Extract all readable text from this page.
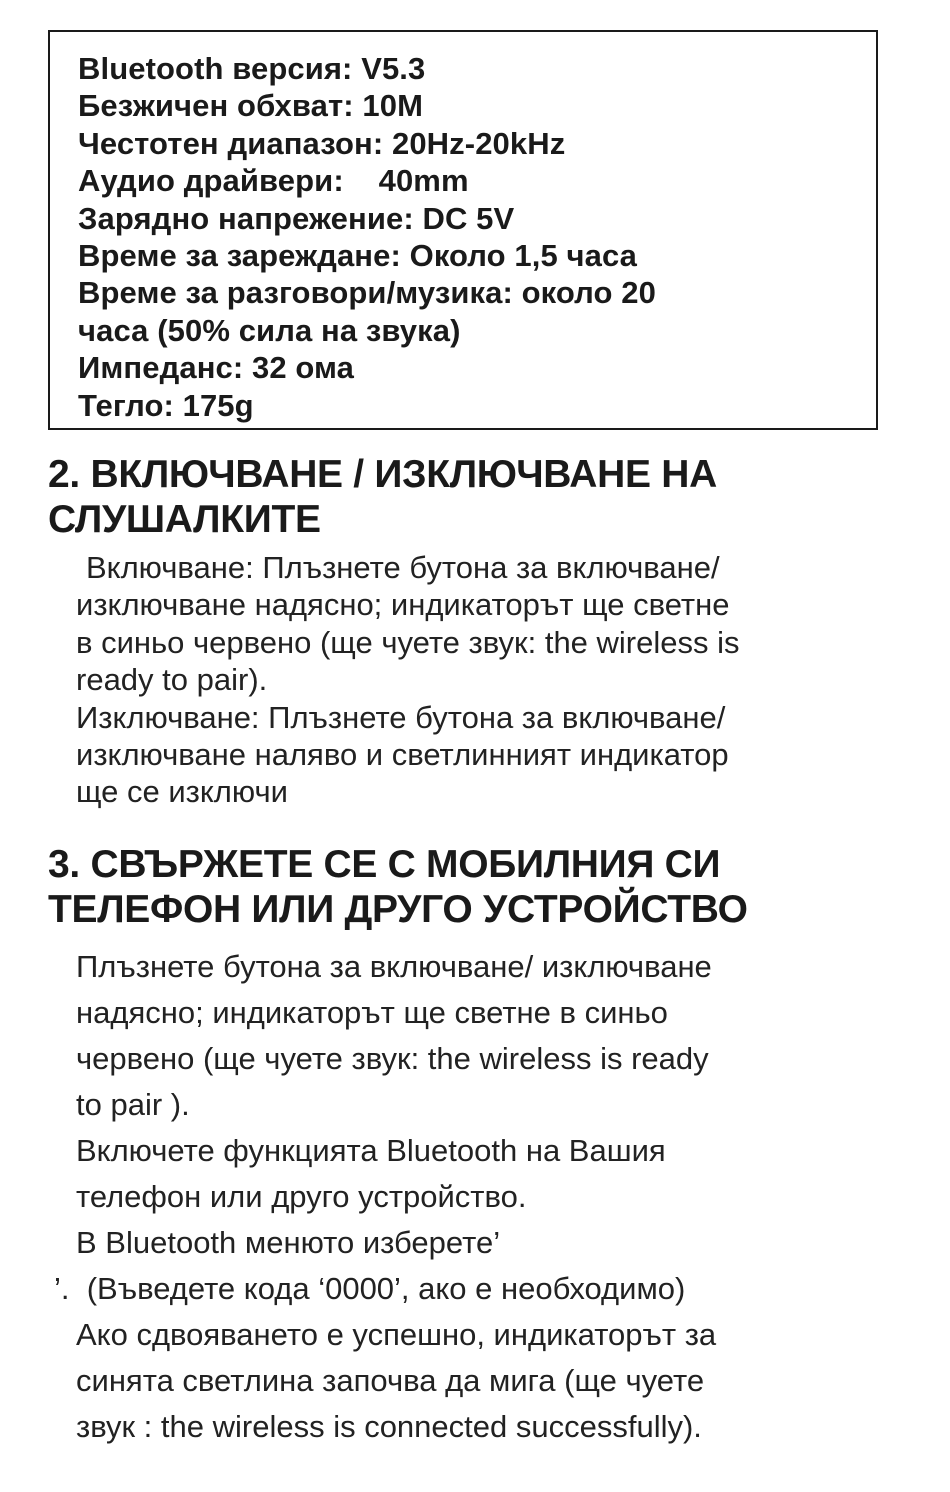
Bluetooth версия: V5.3
Безжичен обхват: 10M
Честотен диапазон: 20Hz-20kHz
Аудио драйвери:    40mm
Зарядно напрежение: DC 5V
Време за зареждане: Около 1,5 часа
Време за разговори/музика: около 20
часа (50% сила на звука)
Импеданс: 32 ома
Тегло: 175g
2. ВКЛЮЧВАНЕ / ИЗКЛЮЧВАНЕ НА
СЛУШАЛКИТЕ
Включване: Плъзнете бутона за включване/
изключване надясно; индикаторът ще светне
в синьо червено (ще чуете звук: the wireless is
ready to pair).
Изключване: Плъзнете бутона за включване/
изключване наляво и светлинният индикатор
ще се изключи
3. СВЪРЖЕТЕ СЕ С МОБИЛНИЯ СИ
ТЕЛЕФОН ИЛИ ДРУГО УСТРОЙСТВО
Плъзнете бутона за включване/ изключване
надясно; индикаторът ще светне в синьо
червено (ще чуете звук: the wireless is ready
to pair ).
Включете функцията Bluetooth на Вашия
телефон или друго устройство.
В Bluetooth менюто изберете’
’.  (Въведете кода ‘0000’, ако е необходимо)
Ако сдвояването е успешно, индикаторът за
синята светлина започва да мига (ще чуете
звук : the wireless is connected successfully).
